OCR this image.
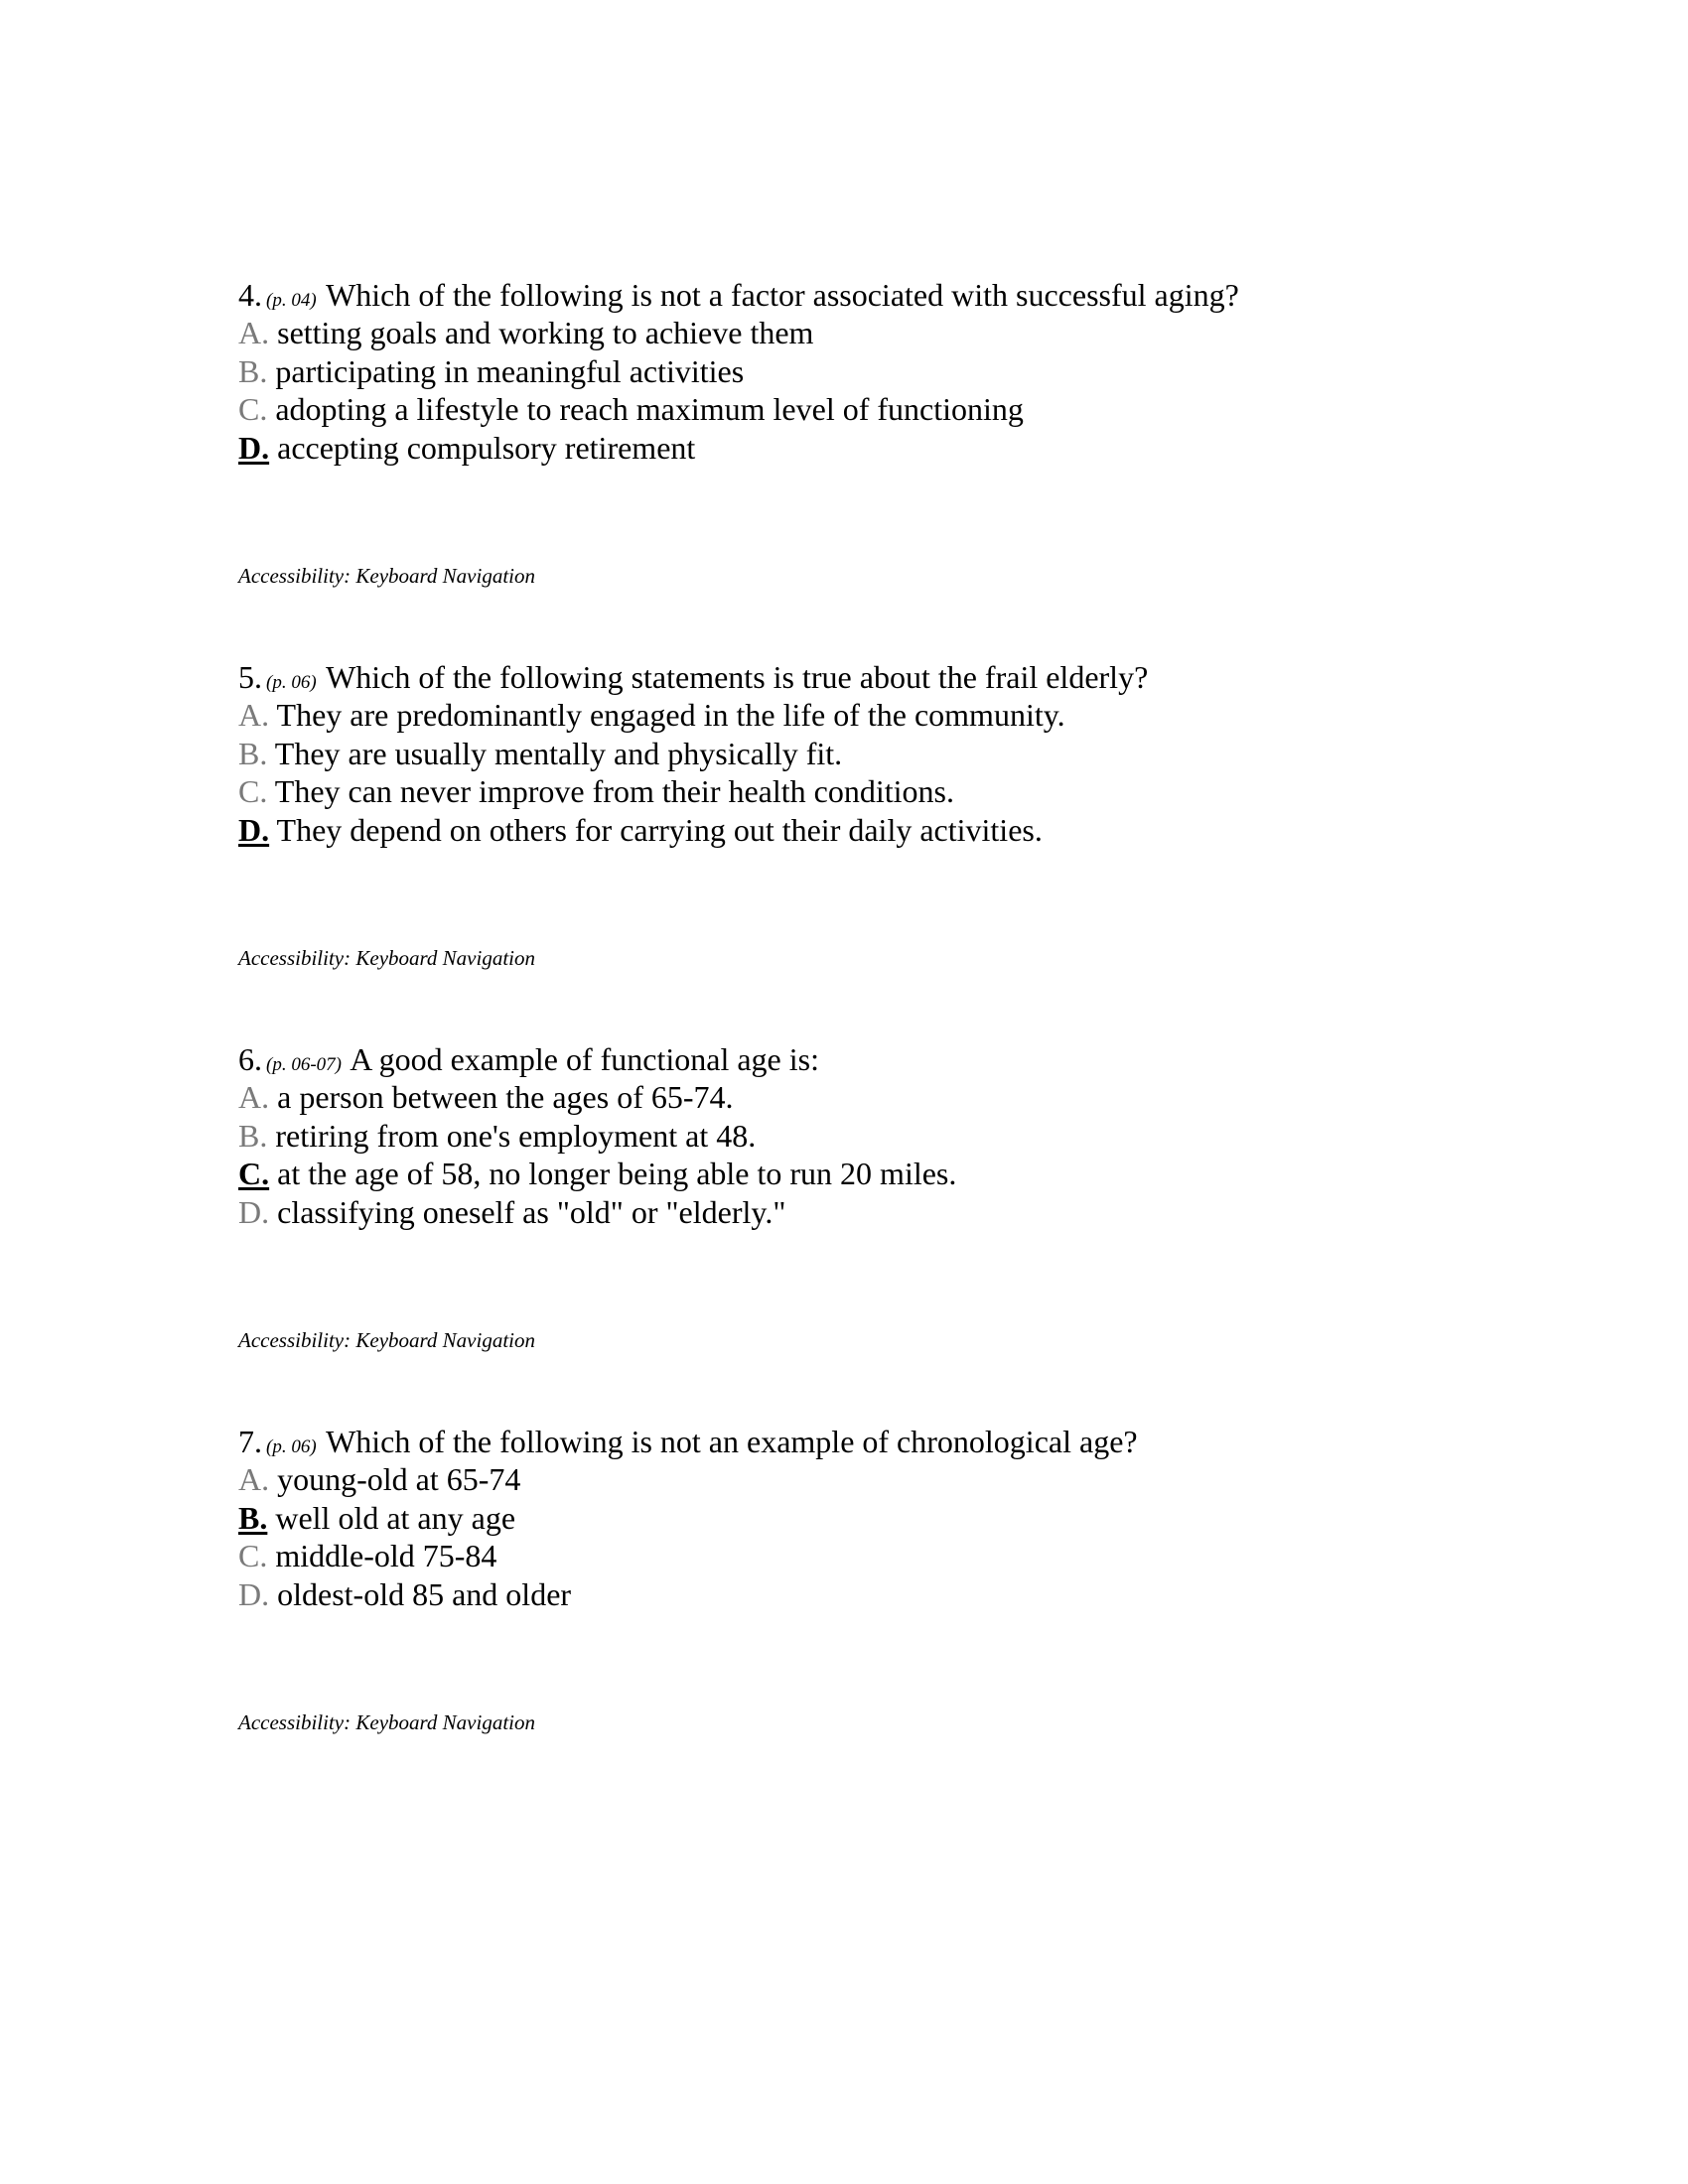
4. (p. 04) Which of the following is not a factor associated with successful aging?
A. setting goals and working to achieve them
B. participating in meaningful activities
C. adopting a lifestyle to reach maximum level of functioning
D. accepting compulsory retirement
Accessibility: Keyboard Navigation
5. (p. 06) Which of the following statements is true about the frail elderly?
A. They are predominantly engaged in the life of the community.
B. They are usually mentally and physically fit.
C. They can never improve from their health conditions.
D. They depend on others for carrying out their daily activities.
Accessibility: Keyboard Navigation
6. (p. 06-07) A good example of functional age is:
A. a person between the ages of 65-74.
B. retiring from one's employment at 48.
C. at the age of 58, no longer being able to run 20 miles.
D. classifying oneself as "old" or "elderly."
Accessibility: Keyboard Navigation
7. (p. 06) Which of the following is not an example of chronological age?
A. young-old at 65-74
B. well old at any age
C. middle-old 75-84
D. oldest-old 85 and older
Accessibility: Keyboard Navigation
